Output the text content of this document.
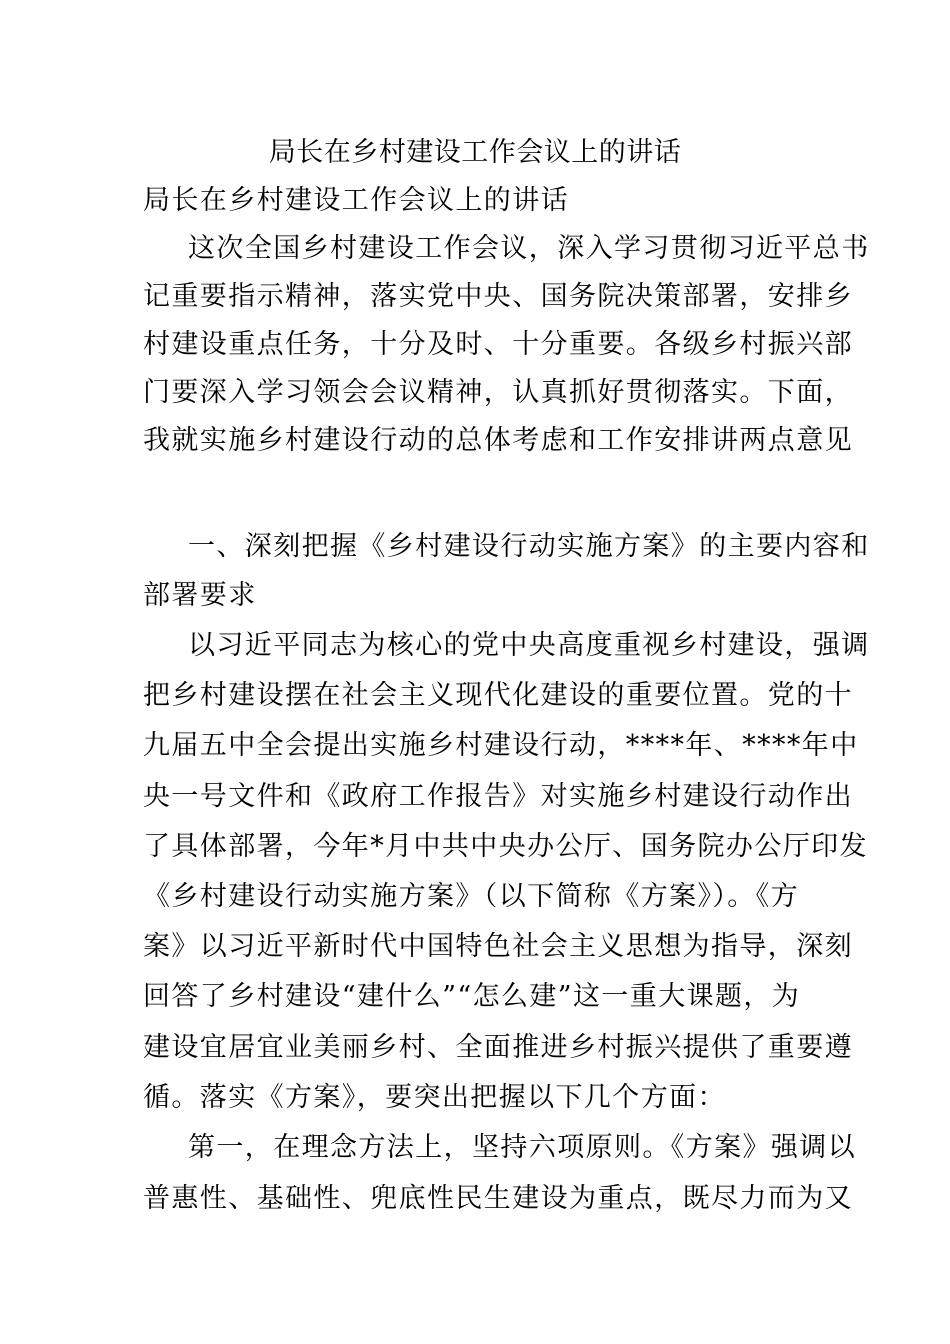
局长在乡村建设工作会议上的讲话
局长在乡村建设工作会议上的讲话
这次全国乡村建设工作会议，深入学习贯彻习近平总书
记重要指示精神，落实党中央、国务院决策部署，安排乡
村建设重点任务，十分及时、十分重要。各级乡村振兴部
门要深入学习领会会议精神，认真抓好贯彻落实。下面，
我就实施乡村建设行动的总体考虑和工作安排讲两点意见
一、深刻把握《乡村建设行动实施方案》的主要内容和
部署要求
以习近平同志为核心的党中央高度重视乡村建设，强调
把乡村建设摆在社会主义现代化建设的重要位置。党的十
九届五中全会提出实施乡村建设行动，****年、****年中
央一号文件和《政府工作报告》对实施乡村建设行动作出
了具体部署，今年*月中共中央办公厅、国务院办公厅印发
《乡村建设行动实施方案》（以下简称《方案》）。《方
案》以习近平新时代中国特色社会主义思想为指导，深刻
回答了乡村建设“建什么”“怎么建”这一重大课题，为
建设宜居宜业美丽乡村、全面推进乡村振兴提供了重要遵
循。落实《方案》，要突出把握以下几个方面：
第一，在理念方法上，坚持六项原则。《方案》强调以
普惠性、基础性、兜底性民生建设为重点，既尽力而为又
